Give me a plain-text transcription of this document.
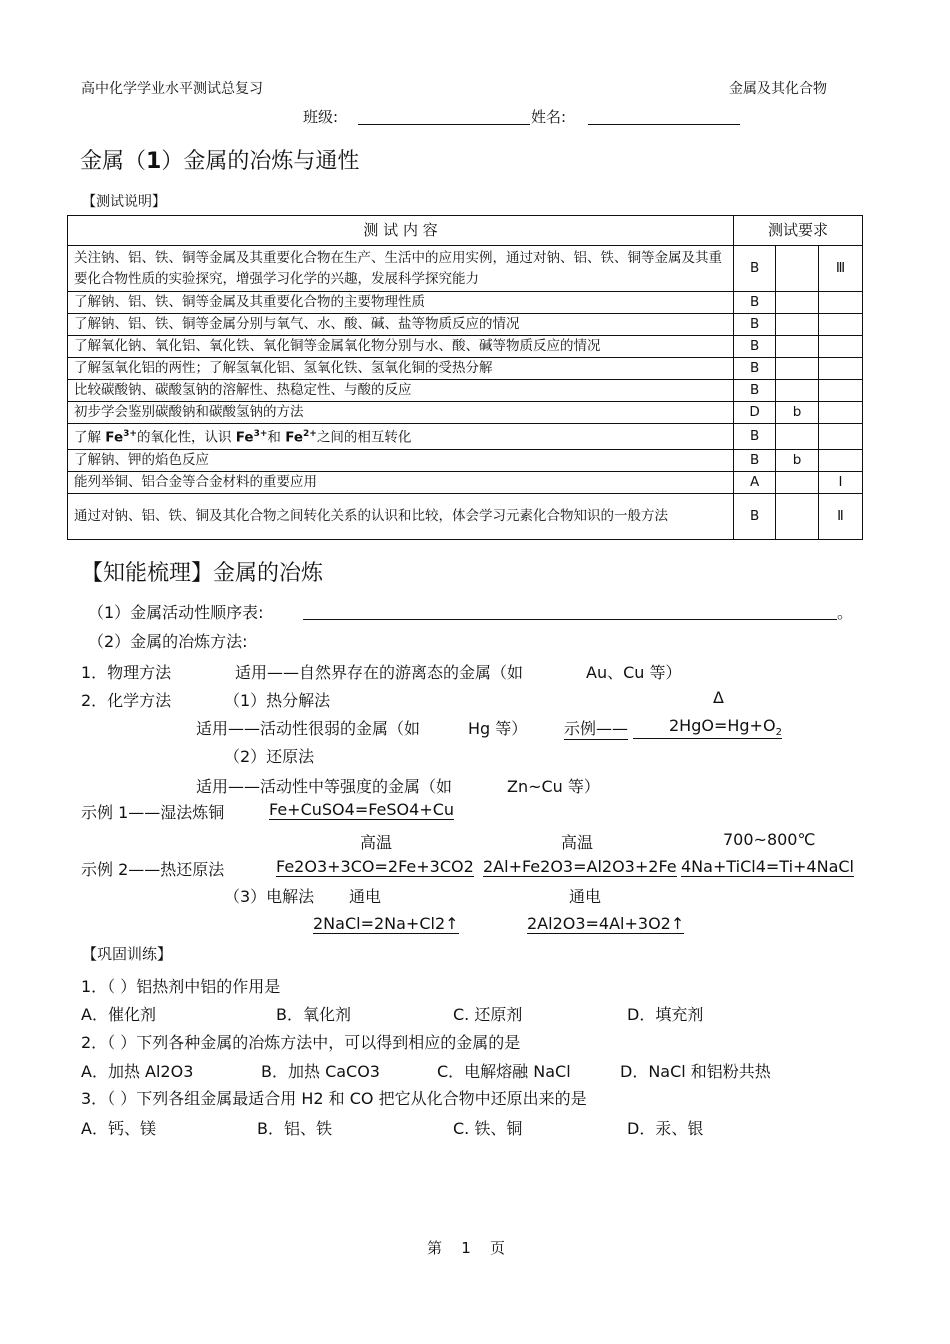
高中化学学业水平测试总复习	金属及其化合物
班级:	姓名:
金属（1）金属的冶炼与通性
【测试说明】
测 试 内 容	测试要求		
关注钠、铝、铁、铜等金属及其重要化合物在生产、生活中的应用实例，通过对钠、铝、铁、铜等金属及其重要化合物性质的实验探究，增强学习化学的兴趣，发展科学探究能力	B		Ⅲ
了解钠、铝、铁、铜等金属及其重要化合物的主要物理性质	B		
了解钠、铝、铁、铜等金属分别与氧气、水、酸、碱、盐等物质反应的情况	B		
了解氧化钠、氧化铝、氧化铁、氧化铜等金属氧化物分别与水、酸、碱等物质反应的情况	B		
了解氢氧化铝的两性；了解氢氧化铝、氢氧化铁、氢氧化铜的受热分解	B		
比较碳酸钠、碳酸氢钠的溶解性、热稳定性、与酸的反应	B		
初步学会鉴别碳酸钠和碳酸氢钠的方法	D	b	
了解 $Fe^{3+}$的氧化性，认识 $Fe^{3+}$和 $Fe^{2+}$之间的相互转化	B		
了解钠、钾的焰色反应	B	b	
能列举铜、铝合金等合金材料的重要应用	A		Ⅰ
通过对钠、铝、铁、铜及其化合物之间转化关系的认识和比较，体会学习元素化合物知识的一般方法	B		Ⅱ
【知能梳理】金属的冶炼
（1）金属活动性顺序表:	。
（2）金属的冶炼方法:
1．物理方法	适用——自然界存在的游离态的金属（如	Au、Cu 等）
2．化学方法	（1）热分解法	Δ
适用——活动性很弱的金属（如	Hg 等） 示例——	$2HgO=Hg+O_2$
（2）还原法
适用——活动性中等强度的金属（如	Zn~Cu 等）
示例 1——湿法炼铜	Fe+CuSO4=FeSO4+Cu
高温	高温	700~800℃
示例 2——热还原法	Fe2O3+3CO=2Fe+3CO2 2Al+Fe2O3=Al2O3+2Fe 4Na+TiCl4=Ti+4NaCl
（3）电解法 通电	通电
2NaCl=2Na+Cl2↑	2Al2O3=4Al+3O2↑
【巩固训练】
1．（ ）铝热剂中铝的作用是
A．催化剂	B．氧化剂	C. 还原剂	D．填充剂
2．（ ）下列各种金属的冶炼方法中，可以得到相应的金属的是
A．加热 Al2O3	B．加热 CaCO3	C．电解熔融 NaCl	D．NaCl 和铝粉共热
3．（ ）下列各组金属最适合用 H2 和 CO 把它从化合物中还原出来的是
A．钙、镁	B．铝、铁	C. 铁、铜	D．汞、银
第 1 页
